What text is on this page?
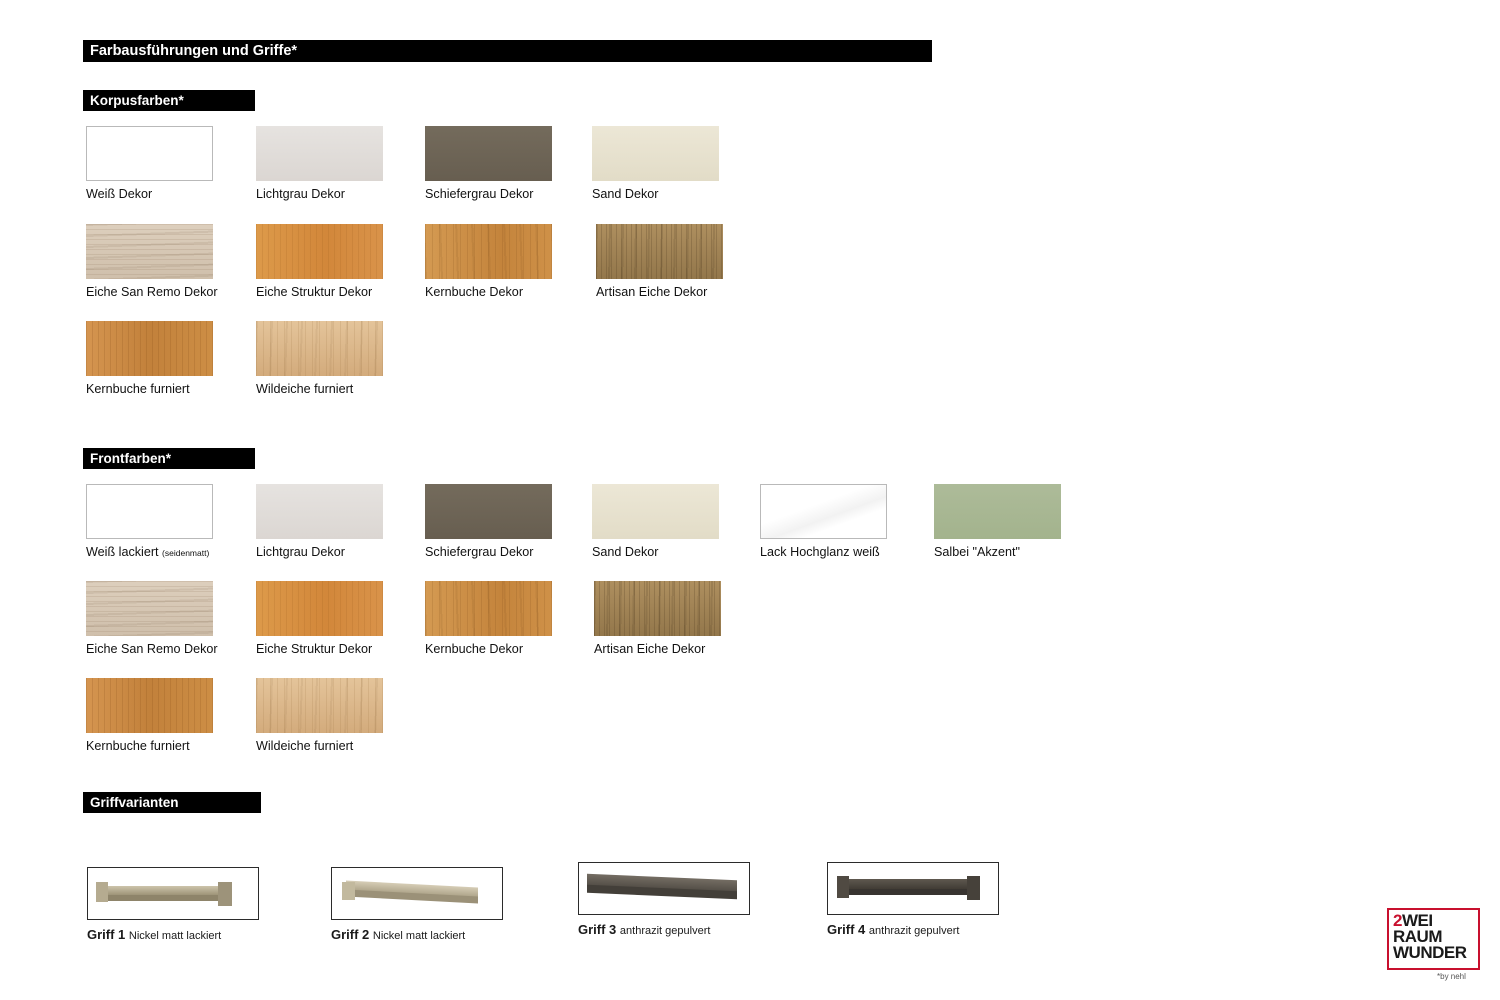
Farbausführungen und Griffe*
Korpusfarben*
Weiß Dekor	Lichtgrau Dekor	Schiefergrau Dekor	Sand Dekor
Eiche San Remo Dekor	Eiche Struktur Dekor	Kernbuche Dekor	Artisan Eiche Dekor
Kernbuche furniert	Wildeiche furniert
Frontfarben*
Weiß lackiert (seidenmatt)	Lichtgrau Dekor	Schiefergrau Dekor	Sand Dekor	Lack Hochglanz weiß	Salbei "Akzent"
Eiche San Remo Dekor	Eiche Struktur Dekor	Kernbuche Dekor	Artisan Eiche Dekor
Kernbuche furniert	Wildeiche furniert
Griffvarianten
Griff 1 Nickel matt lackiert	Griff 2 Nickel matt lackiert	Griff 3 anthrazit gepulvert	Griff 4 anthrazit gepulvert
2WEI
RAUM
WUNDER
*by nehl
